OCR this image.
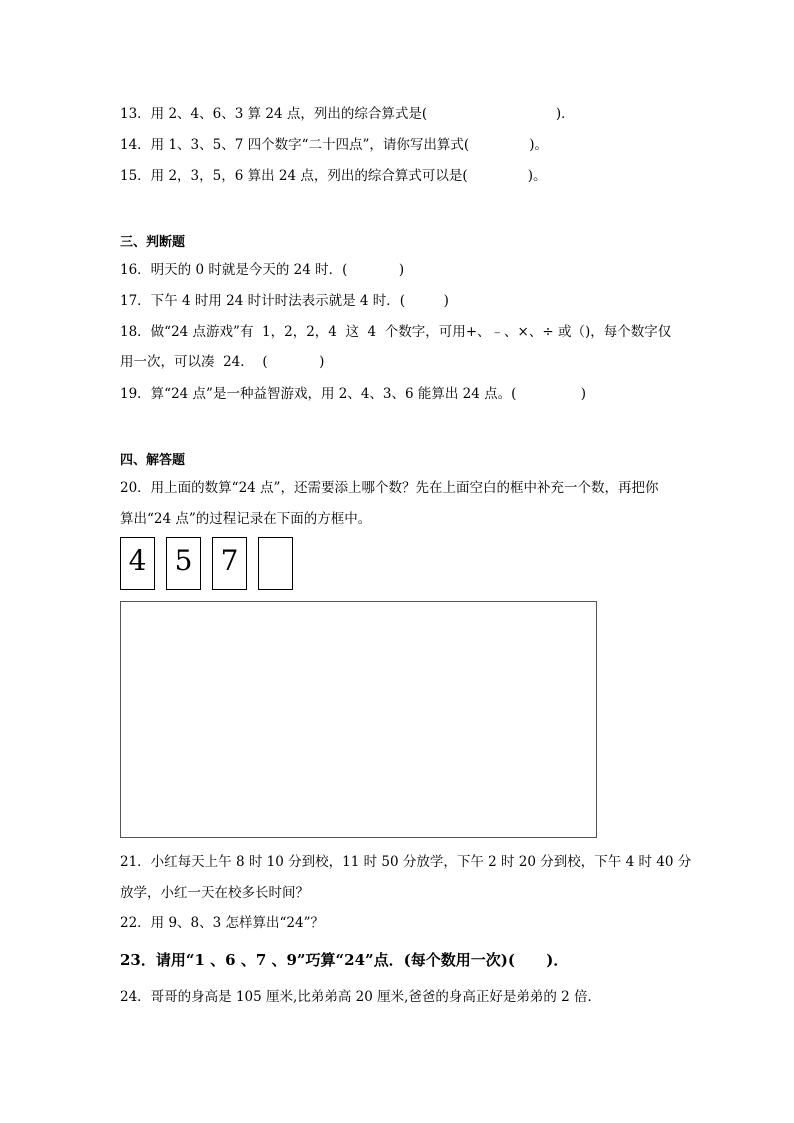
13．用 2、4、6、3 算 24 点，列出的综合算式是(                              )．
14．用 1、3、5、7 四个数字“二十四点”，请你写出算式(              )。
15．用 2，3，5，6 算出 24 点，列出的综合算式可以是(              )。
三、判断题
16．明天的 0 时就是今天的 24 时．(            )
17．下午 4 时用 24 时计时法表示就是 4 时．(         )
18．做“24 点游戏”有  1，2，2，4  这  4  个数字，可用+、﹣、×、÷ 或（)，每个数字仅
用一次，可以凑  24．  (            )
19．算“24 点”是一种益智游戏，用 2、4、3、6 能算出 24 点。(               )
四、解答题
20．用上面的数算“24 点”，还需要添上哪个数？先在上面空白的框中补充一个数，再把你
算出“24 点”的过程记录在下面的方框中。
4	5	7
21．小红每天上午 8 时 10 分到校，11 时 50 分放学，下午 2 时 20 分到校，下午 4 时 40 分
放学，小红一天在校多长时间？
22．用 9、8、3 怎样算出“24”？
23．请用“1 、6 、7 、9”巧算“24”点．(每个数用一次)(      )．
24．哥哥的身高是 105 厘米,比弟弟高 20 厘米,爸爸的身高正好是弟弟的 2 倍．
